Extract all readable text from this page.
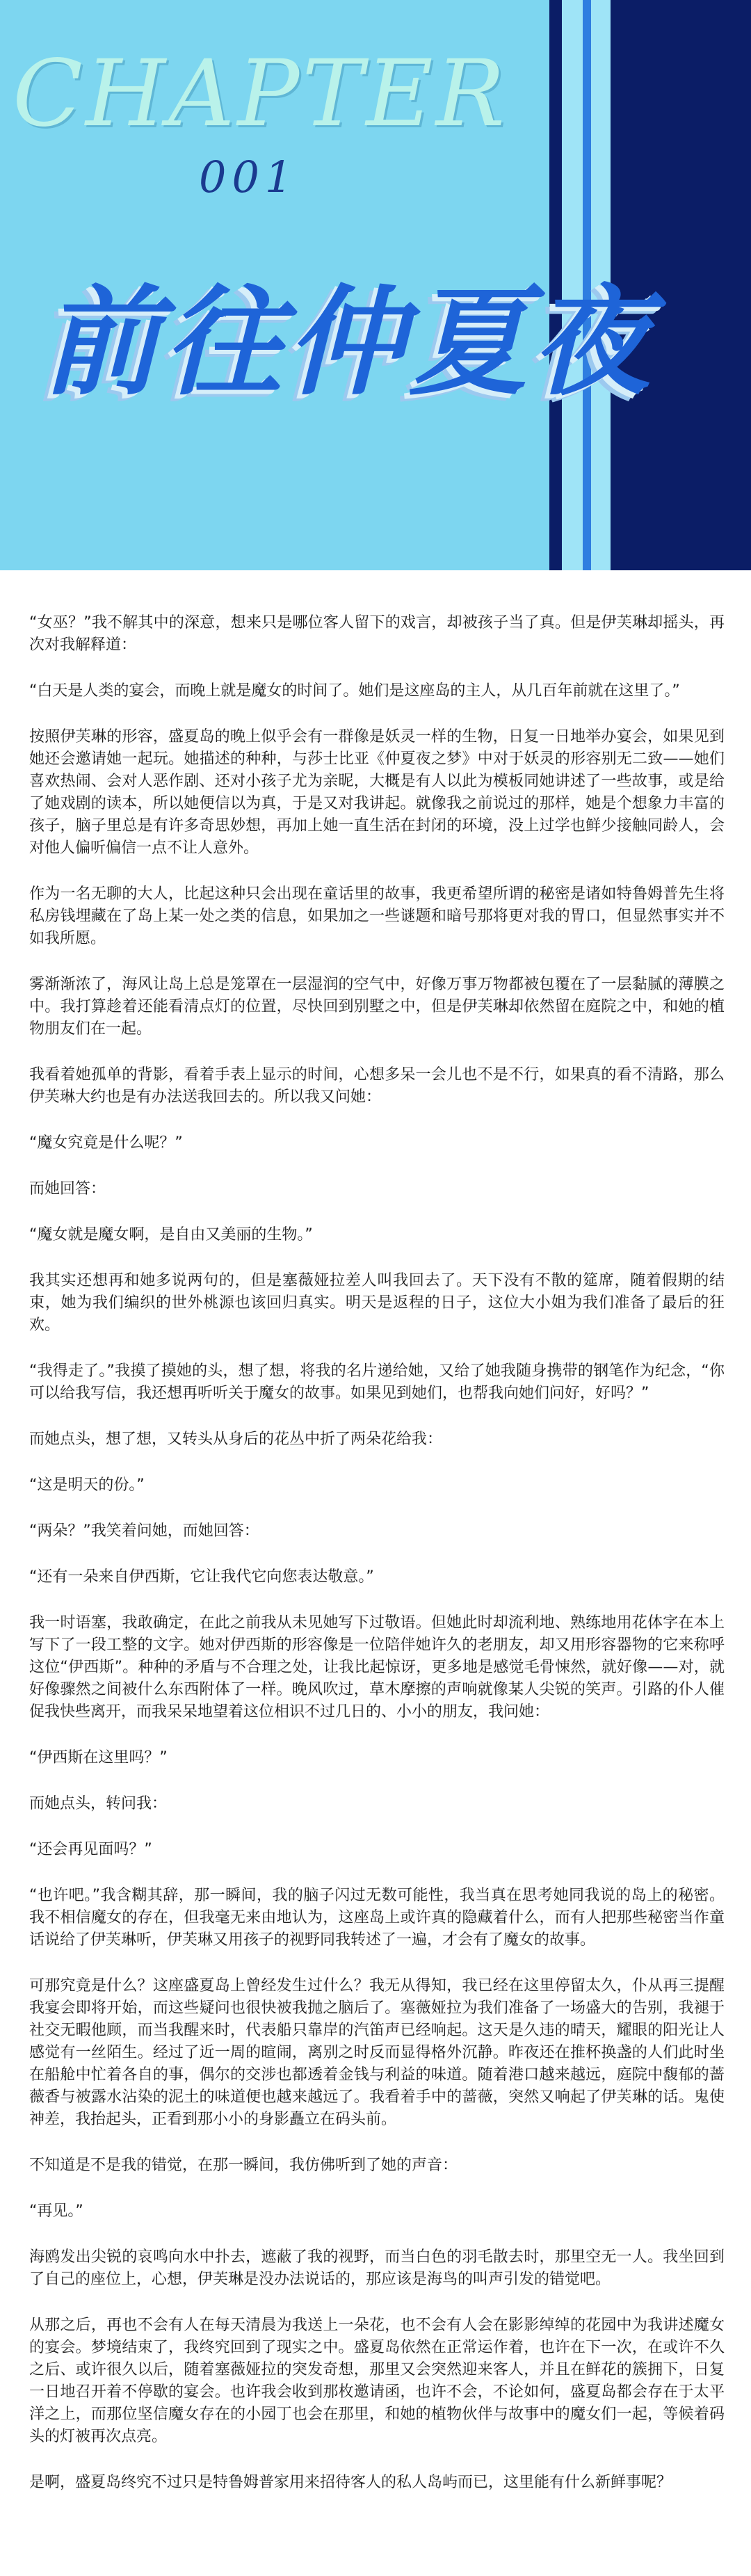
CHAPTER
001
前往仲夏夜

“女巫？”我不解其中的深意，想来只是哪位客人留下的戏言，却被孩子当了真。但是伊芙琳却摇头，再次对我解释道：

“白天是人类的宴会，而晚上就是魔女的时间了。她们是这座岛的主人，从几百年前就在这里了。”

按照伊芙琳的形容，盛夏岛的晚上似乎会有一群像是妖灵一样的生物，日复一日地举办宴会，如果见到她还会邀请她一起玩。她描述的种种，与莎士比亚《仲夏夜之梦》中对于妖灵的形容别无二致——她们喜欢热闹、会对人恶作剧、还对小孩子尤为亲昵，大概是有人以此为模板同她讲述了一些故事，或是给了她戏剧的读本，所以她便信以为真，于是又对我讲起。就像我之前说过的那样，她是个想象力丰富的孩子，脑子里总是有许多奇思妙想，再加上她一直生活在封闭的环境，没上过学也鲜少接触同龄人，会对他人偏听偏信一点不让人意外。

作为一名无聊的大人，比起这种只会出现在童话里的故事，我更希望所谓的秘密是诸如特鲁姆普先生将私房钱埋藏在了岛上某一处之类的信息，如果加之一些谜题和暗号那将更对我的胃口，但显然事实并不如我所愿。

雾渐渐浓了，海风让岛上总是笼罩在一层湿润的空气中，好像万事万物都被包覆在了一层黏腻的薄膜之中。我打算趁着还能看清点灯的位置，尽快回到别墅之中，但是伊芙琳却依然留在庭院之中，和她的植物朋友们在一起。

我看着她孤单的背影，看着手表上显示的时间，心想多呆一会儿也不是不行，如果真的看不清路，那么伊芙琳大约也是有办法送我回去的。所以我又问她：

“魔女究竟是什么呢？”

而她回答：

“魔女就是魔女啊，是自由又美丽的生物。”

我其实还想再和她多说两句的，但是塞薇娅拉差人叫我回去了。天下没有不散的筵席，随着假期的结束，她为我们编织的世外桃源也该回归真实。明天是返程的日子，这位大小姐为我们准备了最后的狂欢。

“我得走了。”我摸了摸她的头，想了想，将我的名片递给她，又给了她我随身携带的钢笔作为纪念，“你可以给我写信，我还想再听听关于魔女的故事。如果见到她们，也帮我向她们问好，好吗？”

而她点头，想了想，又转头从身后的花丛中折了两朵花给我：

“这是明天的份。”

“两朵？”我笑着问她，而她回答：

“还有一朵来自伊西斯，它让我代它向您表达敬意。”

我一时语塞，我敢确定，在此之前我从未见她写下过敬语。但她此时却流利地、熟练地用花体字在本上写下了一段工整的文字。她对伊西斯的形容像是一位陪伴她许久的老朋友，却又用形容器物的它来称呼这位“伊西斯”。种种的矛盾与不合理之处，让我比起惊讶，更多地是感觉毛骨悚然，就好像——对，就好像骤然之间被什么东西附体了一样。晚风吹过，草木摩擦的声响就像某人尖锐的笑声。引路的仆人催促我快些离开，而我呆呆地望着这位相识不过几日的、小小的朋友，我问她：

“伊西斯在这里吗？”

而她点头，转问我：

“还会再见面吗？”

“也许吧。”我含糊其辞，那一瞬间，我的脑子闪过无数可能性，我当真在思考她同我说的岛上的秘密。我不相信魔女的存在，但我毫无来由地认为，这座岛上或许真的隐藏着什么，而有人把那些秘密当作童话说给了伊芙琳听，伊芙琳又用孩子的视野同我转述了一遍，才会有了魔女的故事。

可那究竟是什么？这座盛夏岛上曾经发生过什么？我无从得知，我已经在这里停留太久，仆从再三提醒我宴会即将开始，而这些疑问也很快被我抛之脑后了。塞薇娅拉为我们准备了一场盛大的告别，我褪于社交无暇他顾，而当我醒来时，代表船只靠岸的汽笛声已经响起。这天是久违的晴天，耀眼的阳光让人感觉有一丝陌生。经过了近一周的暄闹，离别之时反而显得格外沉静。昨夜还在推杯换盏的人们此时坐在船舱中忙着各自的事，偶尔的交涉也都透着金钱与利益的味道。随着港口越来越远，庭院中馥郁的蔷薇香与被露水沾染的泥土的味道便也越来越远了。我看着手中的蔷薇，突然又响起了伊芙琳的话。鬼使神差，我抬起头，正看到那小小的身影矗立在码头前。

不知道是不是我的错觉，在那一瞬间，我仿佛听到了她的声音：

“再见。”

海鸥发出尖锐的哀鸣向水中扑去，遮蔽了我的视野，而当白色的羽毛散去时，那里空无一人。我坐回到了自己的座位上，心想，伊芙琳是没办法说话的，那应该是海鸟的叫声引发的错觉吧。

从那之后，再也不会有人在每天清晨为我送上一朵花，也不会有人会在影影绰绰的花园中为我讲述魔女的宴会。梦境结束了，我终究回到了现实之中。盛夏岛依然在正常运作着，也许在下一次，在或许不久之后、或许很久以后，随着塞薇娅拉的突发奇想，那里又会突然迎来客人，并且在鲜花的簇拥下，日复一日地召开着不停歇的宴会。也许我会收到那枚邀请函，也许不会，不论如何，盛夏岛都会存在于太平洋之上，而那位坚信魔女存在的小园丁也会在那里，和她的植物伙伴与故事中的魔女们一起，等候着码头的灯被再次点亮。

是啊，盛夏岛终究不过只是特鲁姆普家用来招待客人的私人岛屿而已，这里能有什么新鲜事呢？
